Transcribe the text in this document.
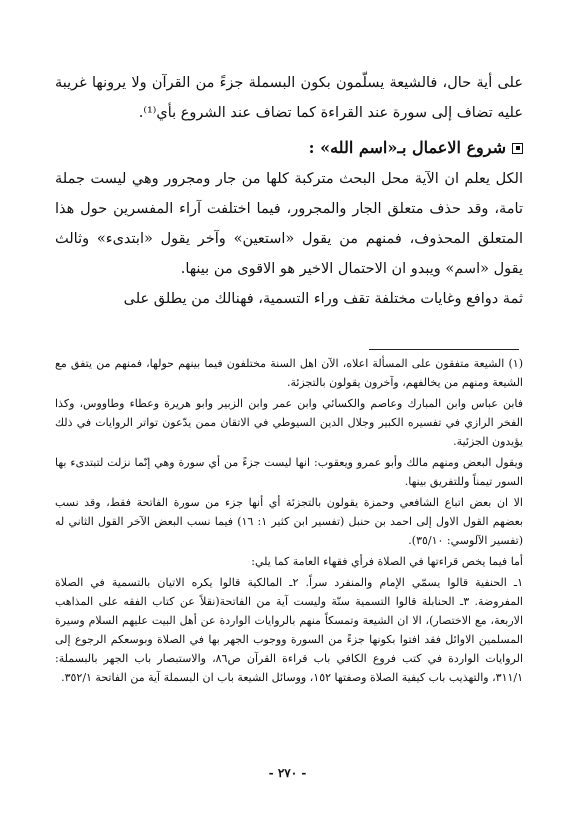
على أية حال، فالشيعة يسلّمون بكون البسملة جزءً من القرآن ولا يرونها غريبة عليه تضاف إلى سورة عند القراءة كما تضاف عند الشروع بأي⁽¹⁾.

شروع الاعمال بـ«اسم الله» :

الكل يعلم ان الآية محل البحث متركبة كلها من جار ومجرور وهي ليست جملة تامة، وقد حذف متعلق الجار والمجرور، فيما اختلفت آراء المفسرين حول هذا المتعلق المحذوف، فمنهم من يقول «استعين» وآخر يقول «ابتدىء» وثالث يقول «اسم» ويبدو ان الاحتمال الاخير هو الاقوى من بينها.

ثمة دوافع وغايات مختلفة تقف وراء التسمية، فهنالك من يطلق على

(١) الشيعة متفقون على المسألة اعلاه، الآن اهل السنة مختلفون فيما بينهم حولها، فمنهم من يتفق مع الشيعة ومنهم من يخالفهم، وآخرون يقولون بالتجزئة.

فابن عباس وابن المبارك وعاصم والكسائي وابن عمر وابن الزبير وابو هريرة وعطاء وطاووس، وكذا الفخر الرازي في تفسيره الكبير وجلال الدين السيوطي في الاتقان ممن يدّعون تواتر الروايات في ذلك يؤيدون الجزئية.

ويقول البعض ومنهم مالك وأبو عمرو ويعقوب: انها ليست جزءً من أي سورة وهي إنّما نزلت لتبتدىء بها السور تيمناً وللتفريق بينها.

الا ان بعض اتباع الشافعي وحمزة يقولون بالتجزئة أي أنها جزء من سورة الفاتحة فقط، وقد نسب بعضهم القول الاول إلى احمد بن حنبل (تفسير ابن كثير ١: ١٦) فيما نسب البعض الآخر القول الثاني له (تفسير الآلوسي: ٣٥/١٠).

أما فيما يخص قراءتها في الصلاة فرأي فقهاء العامة كما يلي:

١ـ الحنفية قالوا يسمّي الإمام والمنفرد سراً. ٢ـ المالكية قالوا يكره الاتيان بالتسمية في الصلاة المفروضة. ٣ـ الحنابلة قالوا التسمية سنّة وليست آية من الفاتحة(نقلاً عن كتاب الفقه على المذاهب الاربعة، مع الاختصار)، الا ان الشيعة وتمسكاً منهم بالروايات الواردة عن أهل البيت عليهم السلام وسيرة المسلمين الاوائل فقد افتوا بكونها جزءً من السورة ووجوب الجهر بها في الصلاة وبوسعكم الرجوع إلى الروايات الواردة في كتب فروع الكافي باب قراءة القرآن ص٨٦، والاستبصار باب الجهر بالبسملة: ٣١١/١، والتهذيب باب كيفية الصلاة وصفتها ١٥٢، ووسائل الشيعة باب ان البسملة آية من الفاتحة ٣٥٢/١.

- ٢٧٠ -
